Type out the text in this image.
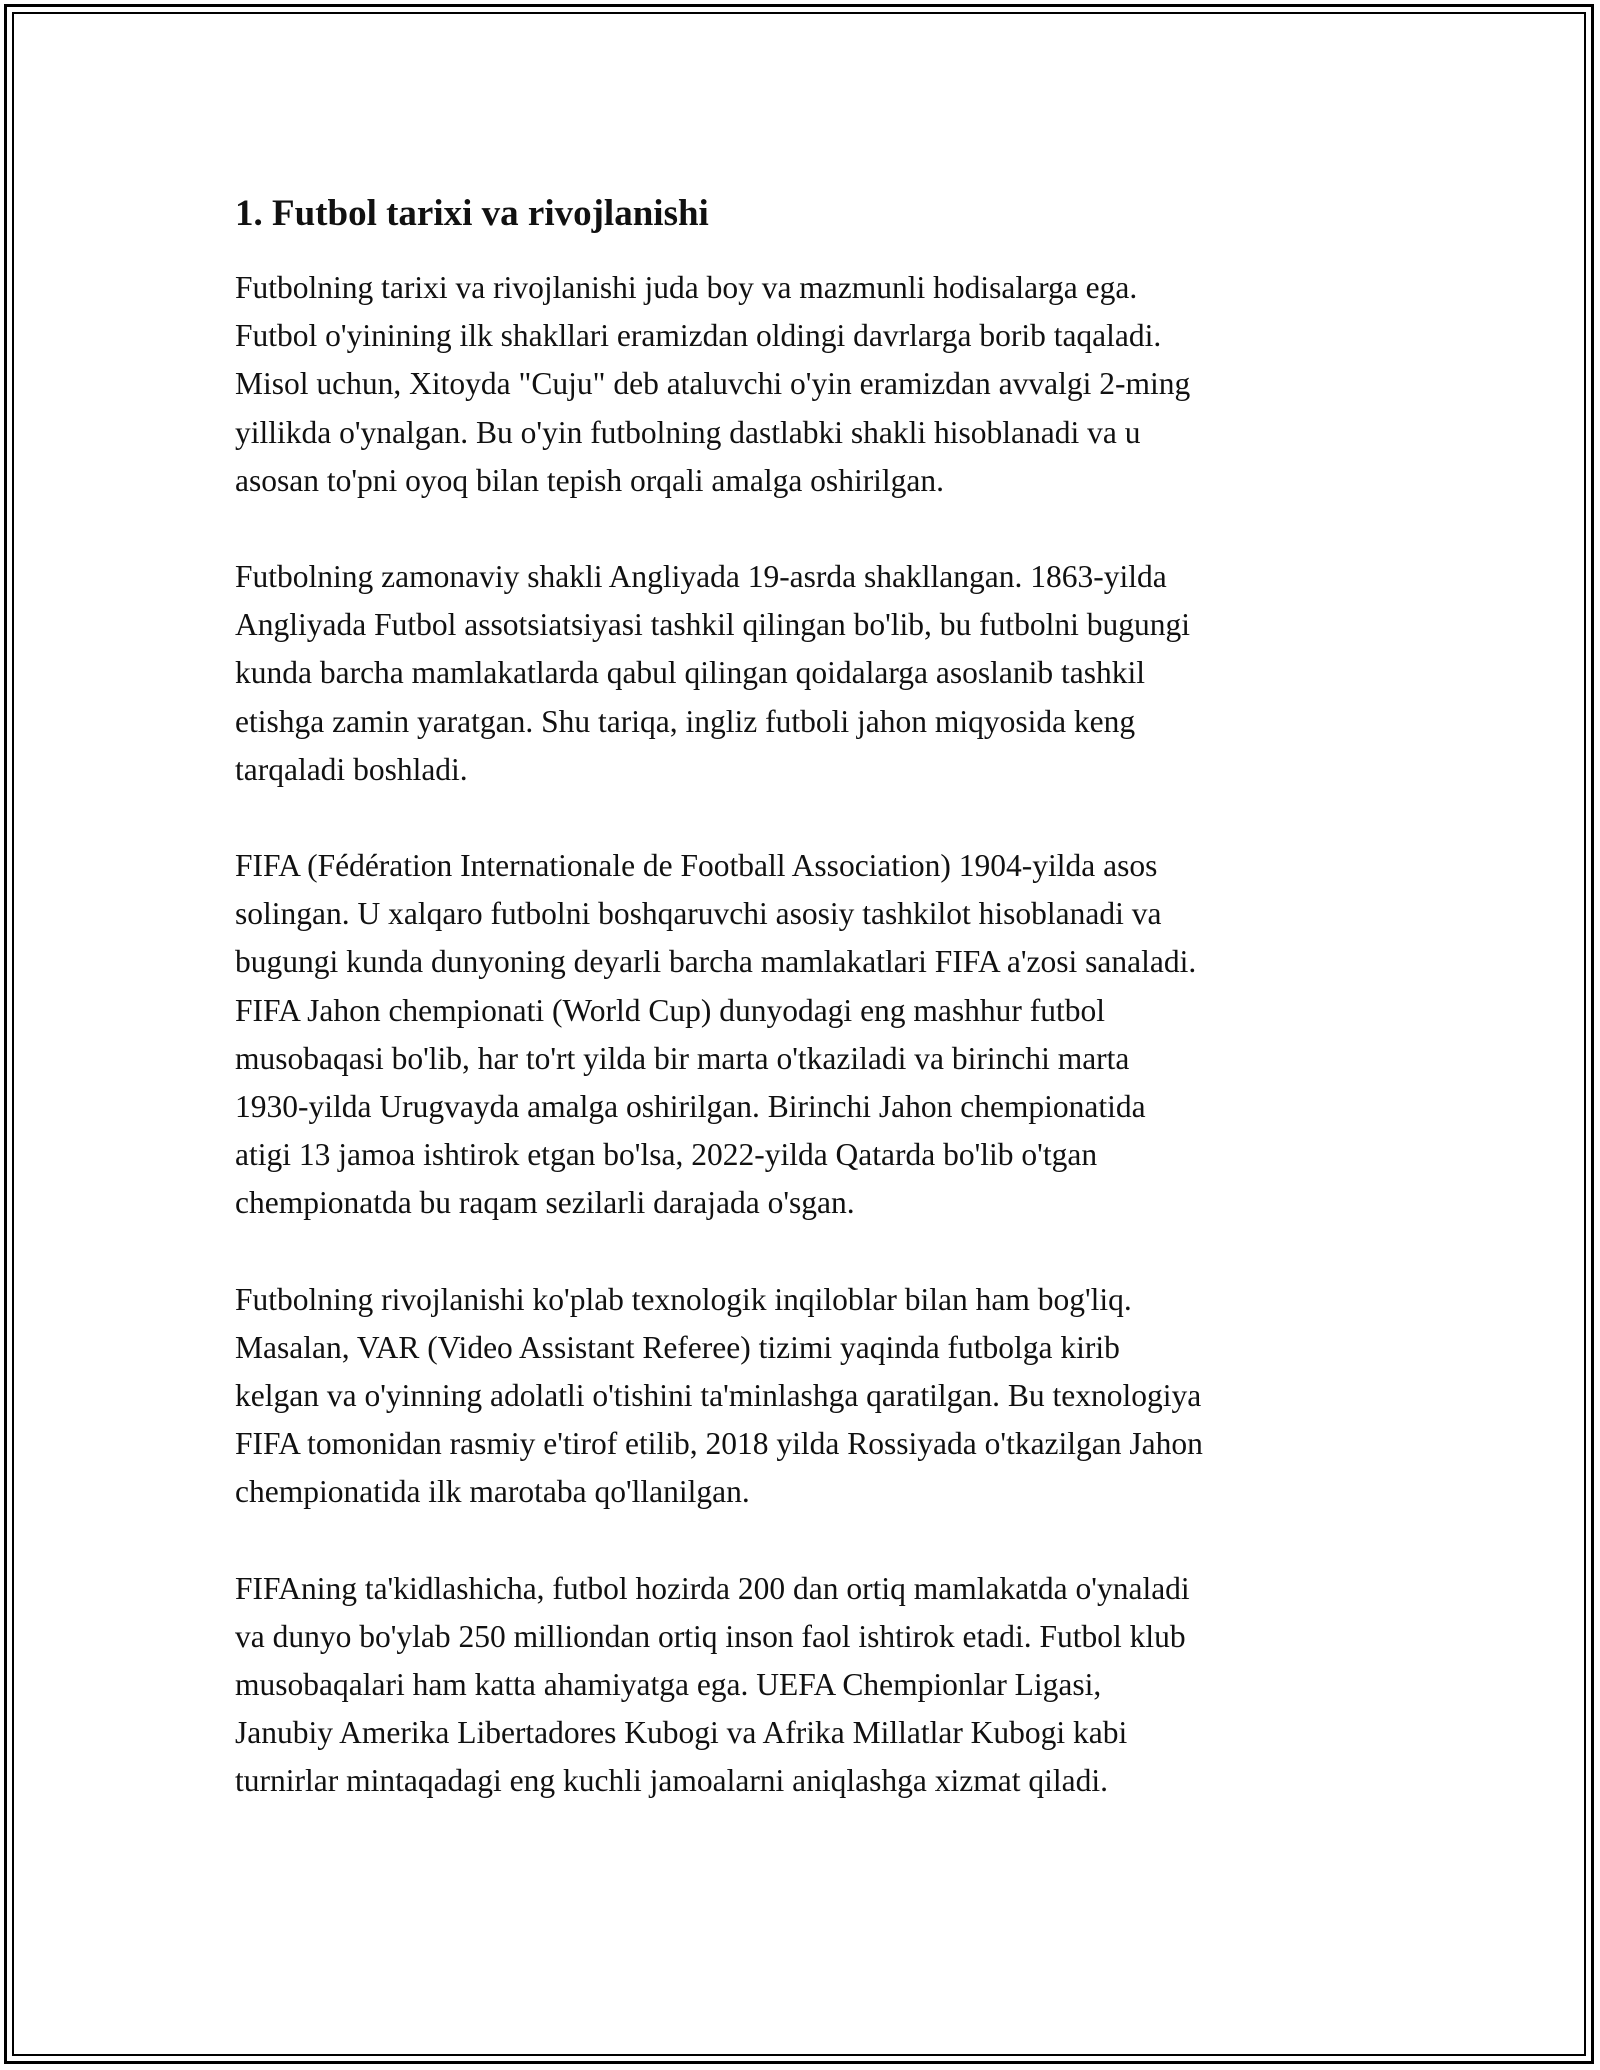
1. Futbol tarixi va rivojlanishi

Futbolning tarixi va rivojlanishi juda boy va mazmunli hodisalarga ega.
Futbol o'yinining ilk shakllari eramizdan oldingi davrlarga borib taqaladi.
Misol uchun, Xitoyda "Cuju" deb ataluvchi o'yin eramizdan avvalgi 2-ming
yillikda o'ynalgan. Bu o'yin futbolning dastlabki shakli hisoblanadi va u
asosan to'pni oyoq bilan tepish orqali amalga oshirilgan.

Futbolning zamonaviy shakli Angliyada 19-asrda shakllangan. 1863-yilda
Angliyada Futbol assotsiatsiyasi tashkil qilingan bo'lib, bu futbolni bugungi
kunda barcha mamlakatlarda qabul qilingan qoidalarga asoslanib tashkil
etishga zamin yaratgan. Shu tariqa, ingliz futboli jahon miqyosida keng
tarqaladi boshladi.

FIFA (Fédération Internationale de Football Association) 1904-yilda asos
solingan. U xalqaro futbolni boshqaruvchi asosiy tashkilot hisoblanadi va
bugungi kunda dunyoning deyarli barcha mamlakatlari FIFA a'zosi sanaladi.
FIFA Jahon chempionati (World Cup) dunyodagi eng mashhur futbol
musobaqasi bo'lib, har to'rt yilda bir marta o'tkaziladi va birinchi marta
1930-yilda Urugvayda amalga oshirilgan. Birinchi Jahon chempionatida
atigi 13 jamoa ishtirok etgan bo'lsa, 2022-yilda Qatarda bo'lib o'tgan
chempionatda bu raqam sezilarli darajada o'sgan.

Futbolning rivojlanishi ko'plab texnologik inqiloblar bilan ham bog'liq.
Masalan, VAR (Video Assistant Referee) tizimi yaqinda futbolga kirib
kelgan va o'yinning adolatli o'tishini ta'minlashga qaratilgan. Bu texnologiya
FIFA tomonidan rasmiy e'tirof etilib, 2018 yilda Rossiyada o'tkazilgan Jahon
chempionatida ilk marotaba qo'llanilgan.

FIFAning ta'kidlashicha, futbol hozirda 200 dan ortiq mamlakatda o'ynaladi
va dunyo bo'ylab 250 milliondan ortiq inson faol ishtirok etadi. Futbol klub
musobaqalari ham katta ahamiyatga ega. UEFA Chempionlar Ligasi,
Janubiy Amerika Libertadores Kubogi va Afrika Millatlar Kubogi kabi
turnirlar mintaqadagi eng kuchli jamoalarni aniqlashga xizmat qiladi.
